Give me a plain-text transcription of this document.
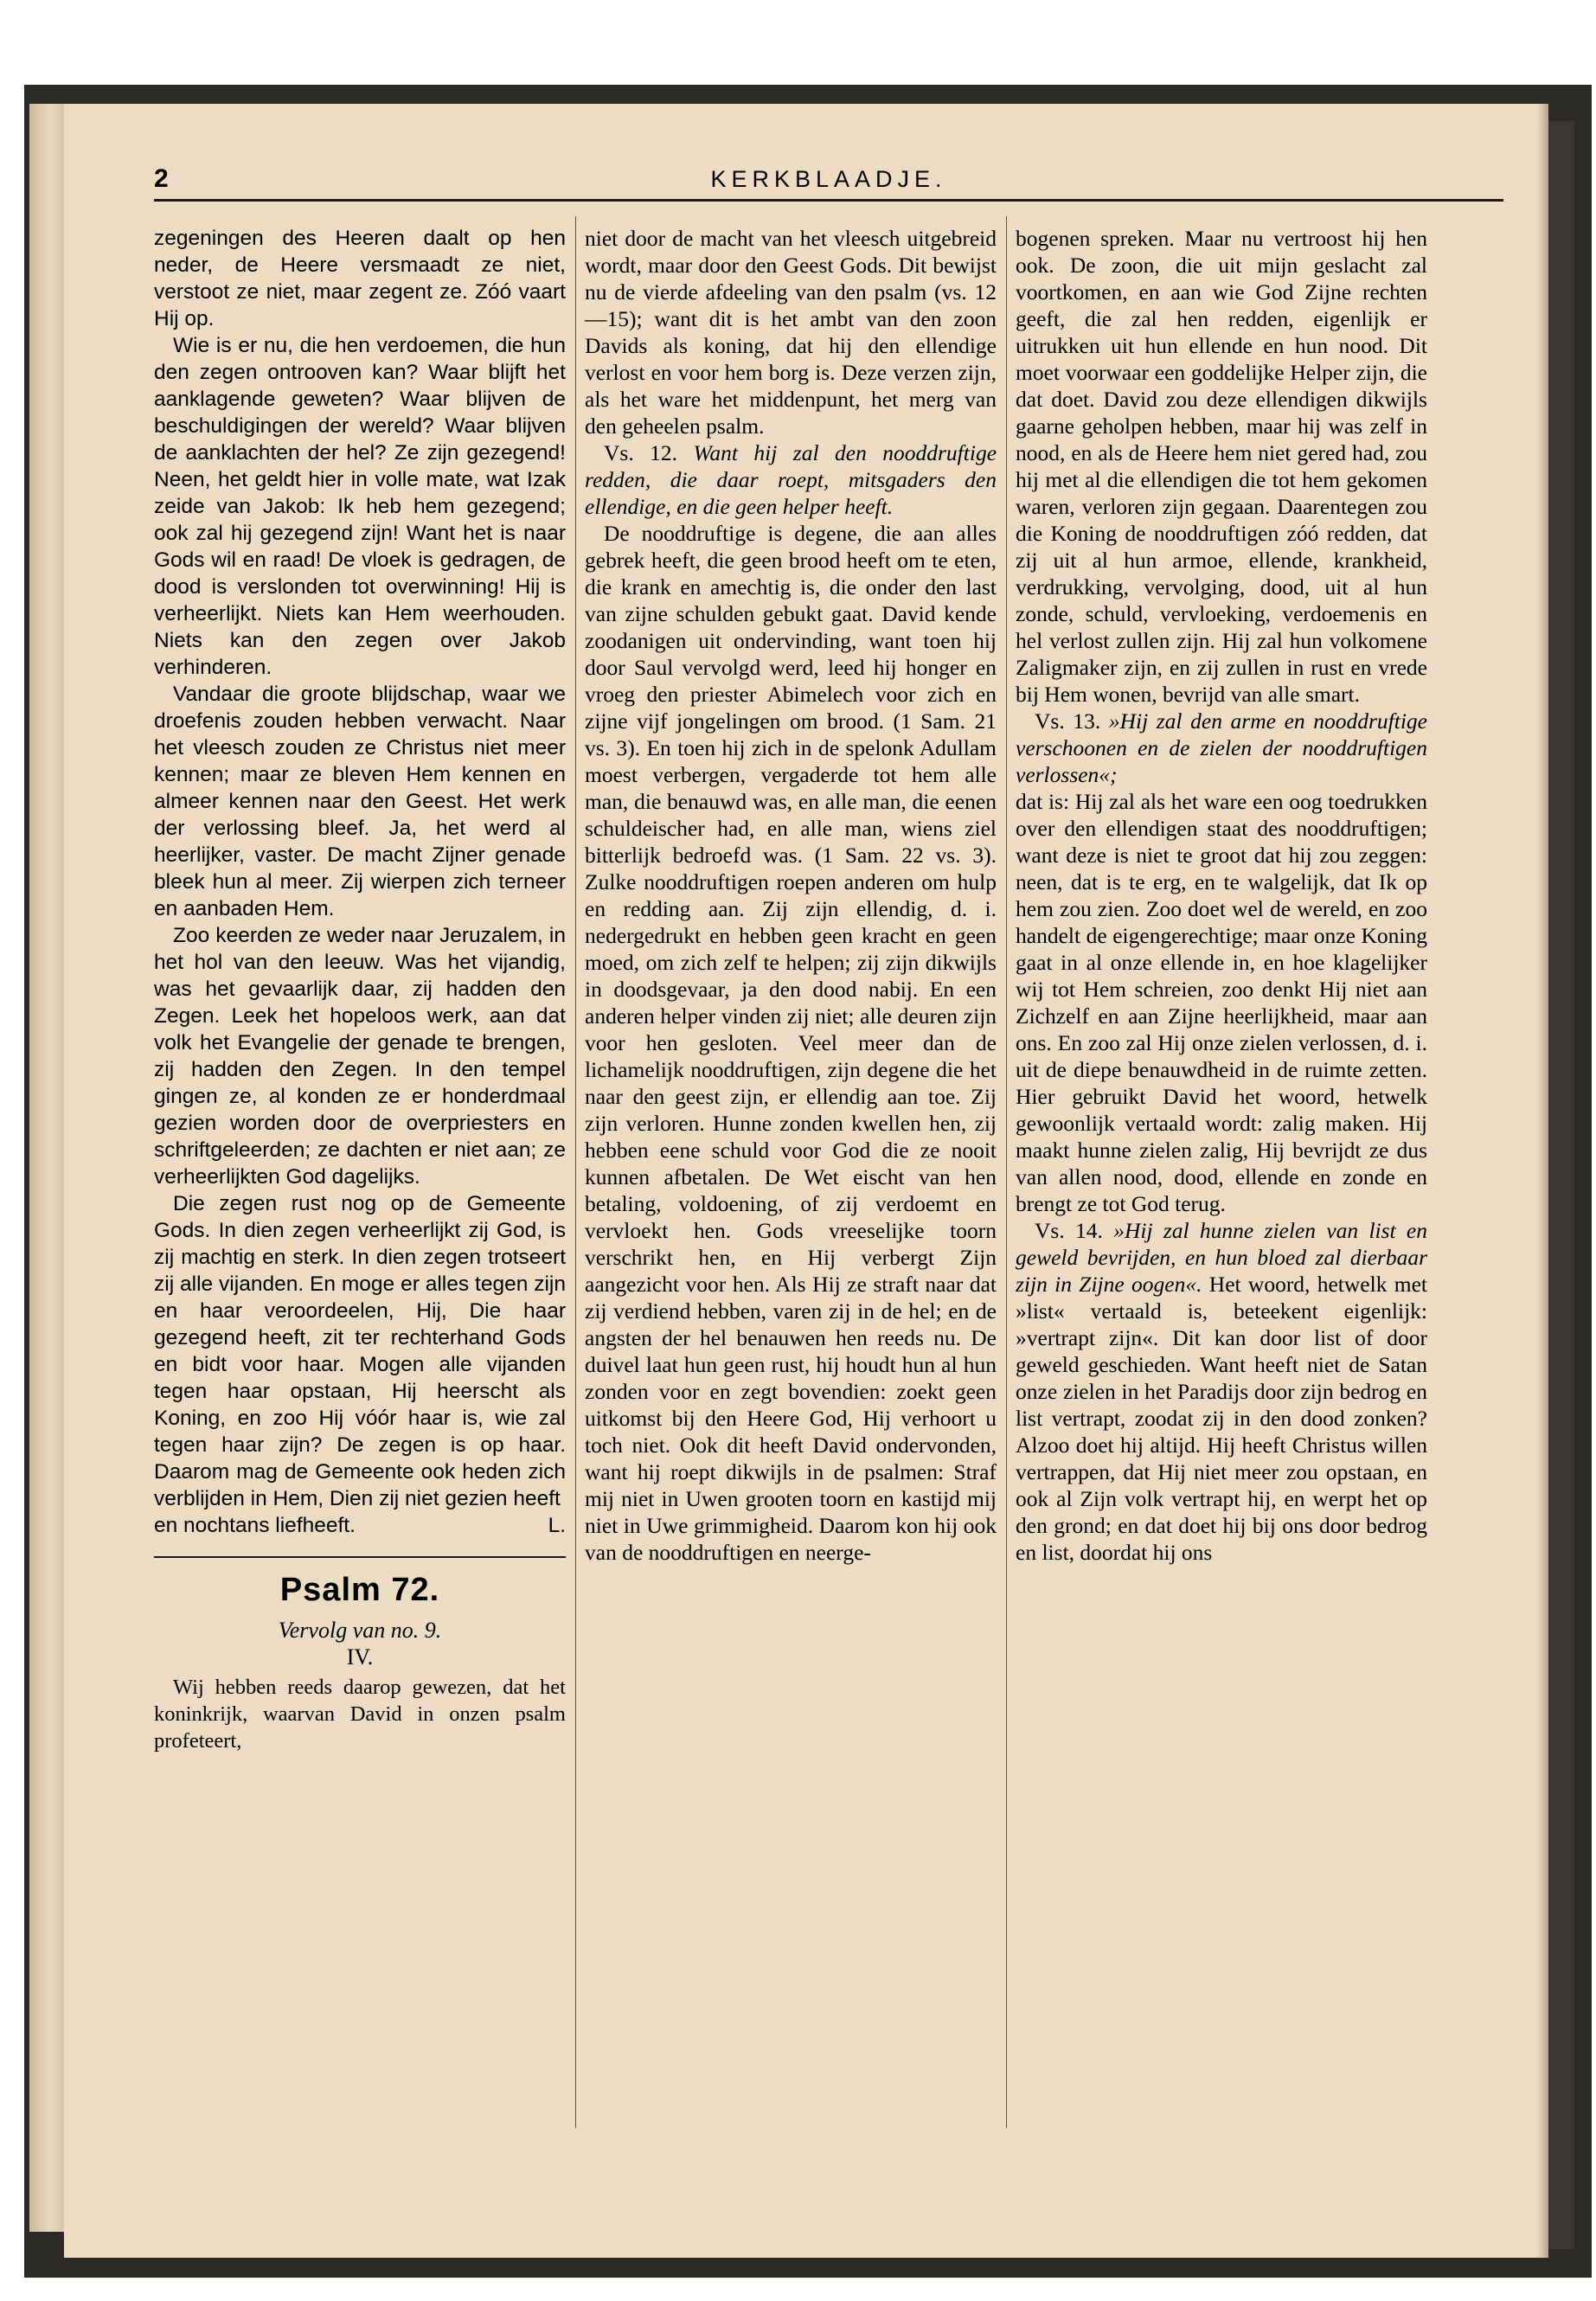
2	KERKBLAADJE.

zegeningen des Heeren daalt op hen neder, de Heere versmaadt ze niet, verstoot ze niet, maar zegent ze. Zóó vaart Hij op.

Wie is er nu, die hen verdoemen, die hun den zegen ontrooven kan? Waar blijft het aanklagende geweten? Waar blijven de beschuldigingen der wereld? Waar blijven de aanklachten der hel? Ze zijn gezegend! Neen, het geldt hier in volle mate, wat Izak zeide van Jakob: Ik heb hem gezegend; ook zal hij gezegend zijn! Want het is naar Gods wil en raad! De vloek is gedragen, de dood is verslonden tot overwinning! Hij is verheerlijkt. Niets kan Hem weerhouden. Niets kan den zegen over Jakob verhinderen.

Vandaar die groote blijdschap, waar we droefenis zouden hebben verwacht. Naar het vleesch zouden ze Christus niet meer kennen; maar ze bleven Hem kennen en almeer kennen naar den Geest. Het werk der verlossing bleef. Ja, het werd al heerlijker, vaster. De macht Zijner genade bleek hun al meer. Zij wierpen zich terneer en aanbaden Hem.

Zoo keerden ze weder naar Jeruzalem, in het hol van den leeuw. Was het vijandig, was het gevaarlijk daar, zij hadden den Zegen. Leek het hopeloos werk, aan dat volk het Evangelie der genade te brengen, zij hadden den Zegen. In den tempel gingen ze, al konden ze er honderdmaal gezien worden door de overpriesters en schriftgeleerden; ze dachten er niet aan; ze verheerlijkten God dagelijks.

Die zegen rust nog op de Gemeente Gods. In dien zegen verheerlijkt zij God, is zij machtig en sterk. In dien zegen trotseert zij alle vijanden. En moge er alles tegen zijn en haar veroordeelen, Hij, Die haar gezegend heeft, zit ter rechterhand Gods en bidt voor haar. Mogen alle vijanden tegen haar opstaan, Hij heerscht als Koning, en zoo Hij vóór haar is, wie zal tegen haar zijn? De zegen is op haar. Daarom mag de Gemeente ook heden zich verblijden in Hem, Dien zij niet gezien heeft

en nochtans liefheeft.	L.
Psalm 72.
Vervolg van no. 9.
IV.

Wij hebben reeds daarop gewezen, dat het koninkrijk, waarvan David in onzen psalm profeteert,

niet door de macht van het vleesch uitgebreid wordt, maar door den Geest Gods. Dit bewijst nu de vierde afdeeling van den psalm (vs. 12—15); want dit is het ambt van den zoon Davids als koning, dat hij den ellendige verlost en voor hem borg is. Deze verzen zijn, als het ware het middenpunt, het merg van den geheelen psalm.

Vs. 12. Want hij zal den nooddruftige redden, die daar roept, mitsgaders den ellendige, en die geen helper heeft.

De nooddruftige is degene, die aan alles gebrek heeft, die geen brood heeft om te eten, die krank en amechtig is, die onder den last van zijne schulden gebukt gaat. David kende zoodanigen uit ondervinding, want toen hij door Saul vervolgd werd, leed hij honger en vroeg den priester Abimelech voor zich en zijne vijf jongelingen om brood. (1 Sam. 21 vs. 3). En toen hij zich in de spelonk Adullam moest verbergen, vergaderde tot hem alle man, die benauwd was, en alle man, die eenen schuldeischer had, en alle man, wiens ziel bitterlijk bedroefd was. (1 Sam. 22 vs. 3). Zulke nooddruftigen roepen anderen om hulp en redding aan. Zij zijn ellendig, d. i. nedergedrukt en hebben geen kracht en geen moed, om zich zelf te helpen; zij zijn dikwijls in doodsgevaar, ja den dood nabij. En een anderen helper vinden zij niet; alle deuren zijn voor hen gesloten. Veel meer dan de lichamelijk nooddruftigen, zijn degene die het naar den geest zijn, er ellendig aan toe. Zij zijn verloren. Hunne zonden kwellen hen, zij hebben eene schuld voor God die ze nooit kunnen afbetalen. De Wet eischt van hen betaling, voldoening, of zij verdoemt en vervloekt hen. Gods vreeselijke toorn verschrikt hen, en Hij verbergt Zijn aangezicht voor hen. Als Hij ze straft naar dat zij verdiend hebben, varen zij in de hel; en de angsten der hel benauwen hen reeds nu. De duivel laat hun geen rust, hij houdt hun al hun zonden voor en zegt bovendien: zoekt geen uitkomst bij den Heere God, Hij verhoort u toch niet. Ook dit heeft David ondervonden, want hij roept dikwijls in de psalmen: Straf mij niet in Uwen grooten toorn en kastijd mij niet in Uwe grimmigheid. Daarom kon hij ook van de nooddruftigen en neerge-

bogenen spreken. Maar nu vertroost hij hen ook. De zoon, die uit mijn geslacht zal voortkomen, en aan wie God Zijne rechten geeft, die zal hen redden, eigenlijk er uitrukken uit hun ellende en hun nood. Dit moet voorwaar een goddelijke Helper zijn, die dat doet. David zou deze ellendigen dikwijls gaarne geholpen hebben, maar hij was zelf in nood, en als de Heere hem niet gered had, zou hij met al die ellendigen die tot hem gekomen waren, verloren zijn gegaan. Daarentegen zou die Koning de nooddruftigen zóó redden, dat zij uit al hun armoe, ellende, krankheid, verdrukking, vervolging, dood, uit al hun zonde, schuld, vervloeking, verdoemenis en hel verlost zullen zijn. Hij zal hun volkomene Zaligmaker zijn, en zij zullen in rust en vrede bij Hem wonen, bevrijd van alle smart.

Vs. 13. »Hij zal den arme en nooddruftige verschoonen en de zielen der nooddruftigen verlossen«;

dat is: Hij zal als het ware een oog toedrukken over den ellendigen staat des nooddruftigen; want deze is niet te groot dat hij zou zeggen: neen, dat is te erg, en te walgelijk, dat Ik op hem zou zien. Zoo doet wel de wereld, en zoo handelt de eigengerechtige; maar onze Koning gaat in al onze ellende in, en hoe klagelijker wij tot Hem schreien, zoo denkt Hij niet aan Zichzelf en aan Zijne heerlijkheid, maar aan ons. En zoo zal Hij onze zielen verlossen, d. i. uit de diepe benauwdheid in de ruimte zetten. Hier gebruikt David het woord, hetwelk gewoonlijk vertaald wordt: zalig maken. Hij maakt hunne zielen zalig, Hij bevrijdt ze dus van allen nood, dood, ellende en zonde en brengt ze tot God terug.

Vs. 14. »Hij zal hunne zielen van list en geweld bevrijden, en hun bloed zal dierbaar zijn in Zijne oogen«. Het woord, hetwelk met »list« vertaald is, beteekent eigenlijk: »vertrapt zijn«. Dit kan door list of door geweld geschieden. Want heeft niet de Satan onze zielen in het Paradijs door zijn bedrog en list vertrapt, zoodat zij in den dood zonken? Alzoo doet hij altijd. Hij heeft Christus willen vertrappen, dat Hij niet meer zou opstaan, en ook al Zijn volk vertrapt hij, en werpt het op den grond; en dat doet hij bij ons door bedrog en list, doordat hij ons
